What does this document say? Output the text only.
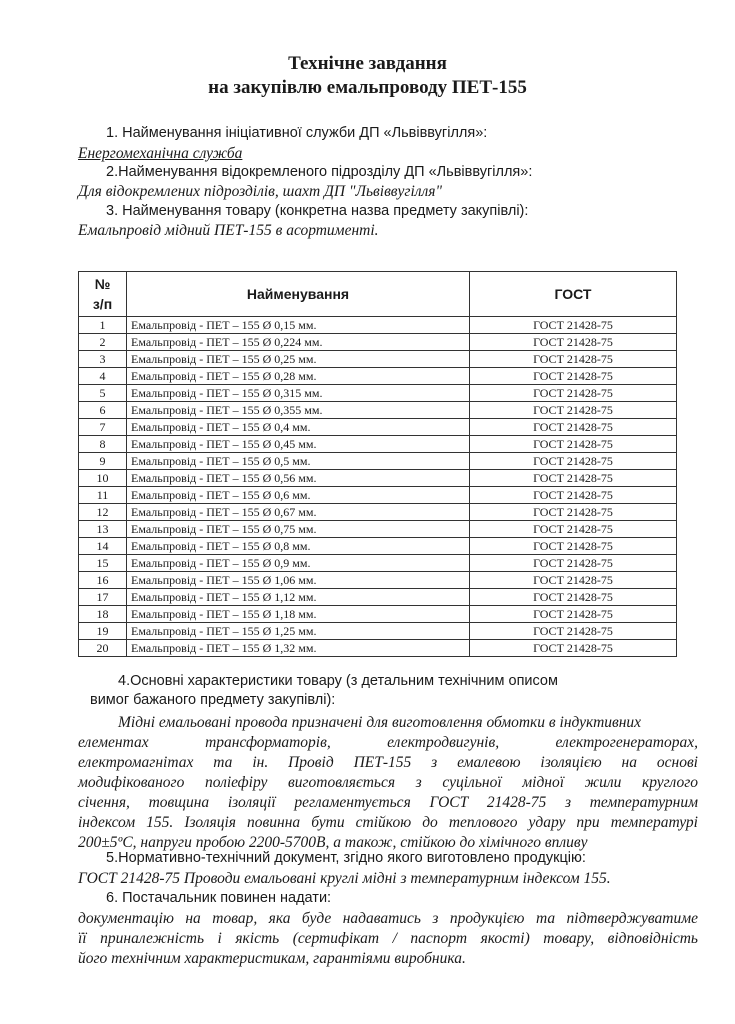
Технічне завдання
на закупівлю емальпроводу ПЕТ-155
1. Найменування ініціативної служби ДП «Львіввугілля»:
Енергомеханічна служба
2.Найменування відокремленого підрозділу ДП «Львіввугілля»:
Для відокремлених підрозділів, шахт ДП "Львіввугілля"
3. Найменування товару (конкретна назва предмету закупівлі):
Емальпровід мідний ПЕТ-155 в асортименті.
№
з/п	Найменування	ГОСТ
1	Емальпровід - ПЕТ – 155 Ø 0,15 мм.	ГОСТ 21428-75
2	Емальпровід - ПЕТ – 155 Ø 0,224 мм.	ГОСТ 21428-75
3	Емальпровід - ПЕТ – 155 Ø 0,25 мм.	ГОСТ 21428-75
4	Емальпровід - ПЕТ – 155 Ø 0,28 мм.	ГОСТ 21428-75
5	Емальпровід - ПЕТ – 155 Ø 0,315 мм.	ГОСТ 21428-75
6	Емальпровід - ПЕТ – 155 Ø 0,355 мм.	ГОСТ 21428-75
7	Емальпровід - ПЕТ – 155 Ø 0,4 мм.	ГОСТ 21428-75
8	Емальпровід - ПЕТ – 155 Ø 0,45 мм.	ГОСТ 21428-75
9	Емальпровід - ПЕТ – 155 Ø 0,5 мм.	ГОСТ 21428-75
10	Емальпровід - ПЕТ – 155 Ø 0,56 мм.	ГОСТ 21428-75
11	Емальпровід - ПЕТ – 155 Ø 0,6 мм.	ГОСТ 21428-75
12	Емальпровід - ПЕТ – 155 Ø 0,67 мм.	ГОСТ 21428-75
13	Емальпровід - ПЕТ – 155 Ø 0,75 мм.	ГОСТ 21428-75
14	Емальпровід - ПЕТ – 155 Ø 0,8 мм.	ГОСТ 21428-75
15	Емальпровід - ПЕТ – 155 Ø 0,9 мм.	ГОСТ 21428-75
16	Емальпровід - ПЕТ – 155 Ø 1,06 мм.	ГОСТ 21428-75
17	Емальпровід - ПЕТ – 155 Ø 1,12 мм.	ГОСТ 21428-75
18	Емальпровід - ПЕТ – 155 Ø 1,18 мм.	ГОСТ 21428-75
19	Емальпровід - ПЕТ – 155 Ø 1,25 мм.	ГОСТ 21428-75
20	Емальпровід - ПЕТ – 155 Ø 1,32 мм.	ГОСТ 21428-75
4.Основні характеристики товару (з детальним технічним описом
вимог бажаного предмету закупівлі):
Мідні емальовані провода призначені для виготовлення обмотки в індуктивних
елементах трансформаторів, електродвигунів, електрогенераторах,
електромагнітах та ін. Провід ПЕТ-155 з емалевою ізоляцією на основі
модифікованого поліефіру виготовляється з суцільної мідної жили круглого
січення, товщина ізоляції регламентується ГОСТ 21428-75 з температурним
індексом 155. Ізоляція повинна бути стійкою до теплового удару при температурі
200±5ºС, напруги пробою 2200-5700В, а також, стійкою до хімічного впливу
5.Нормативно-технічний документ, згідно якого виготовлено продукцію:
ГОСТ 21428-75 Проводи емальовані круглі мідні з температурним індексом 155.
6. Постачальник повинен надати:
документацію на товар, яка буде надаватись з продукцією та підтверджуватиме
її приналежність і якість (сертифікат / паспорт якості) товару, відповідність
його технічним характеристикам, гарантіями виробника.
